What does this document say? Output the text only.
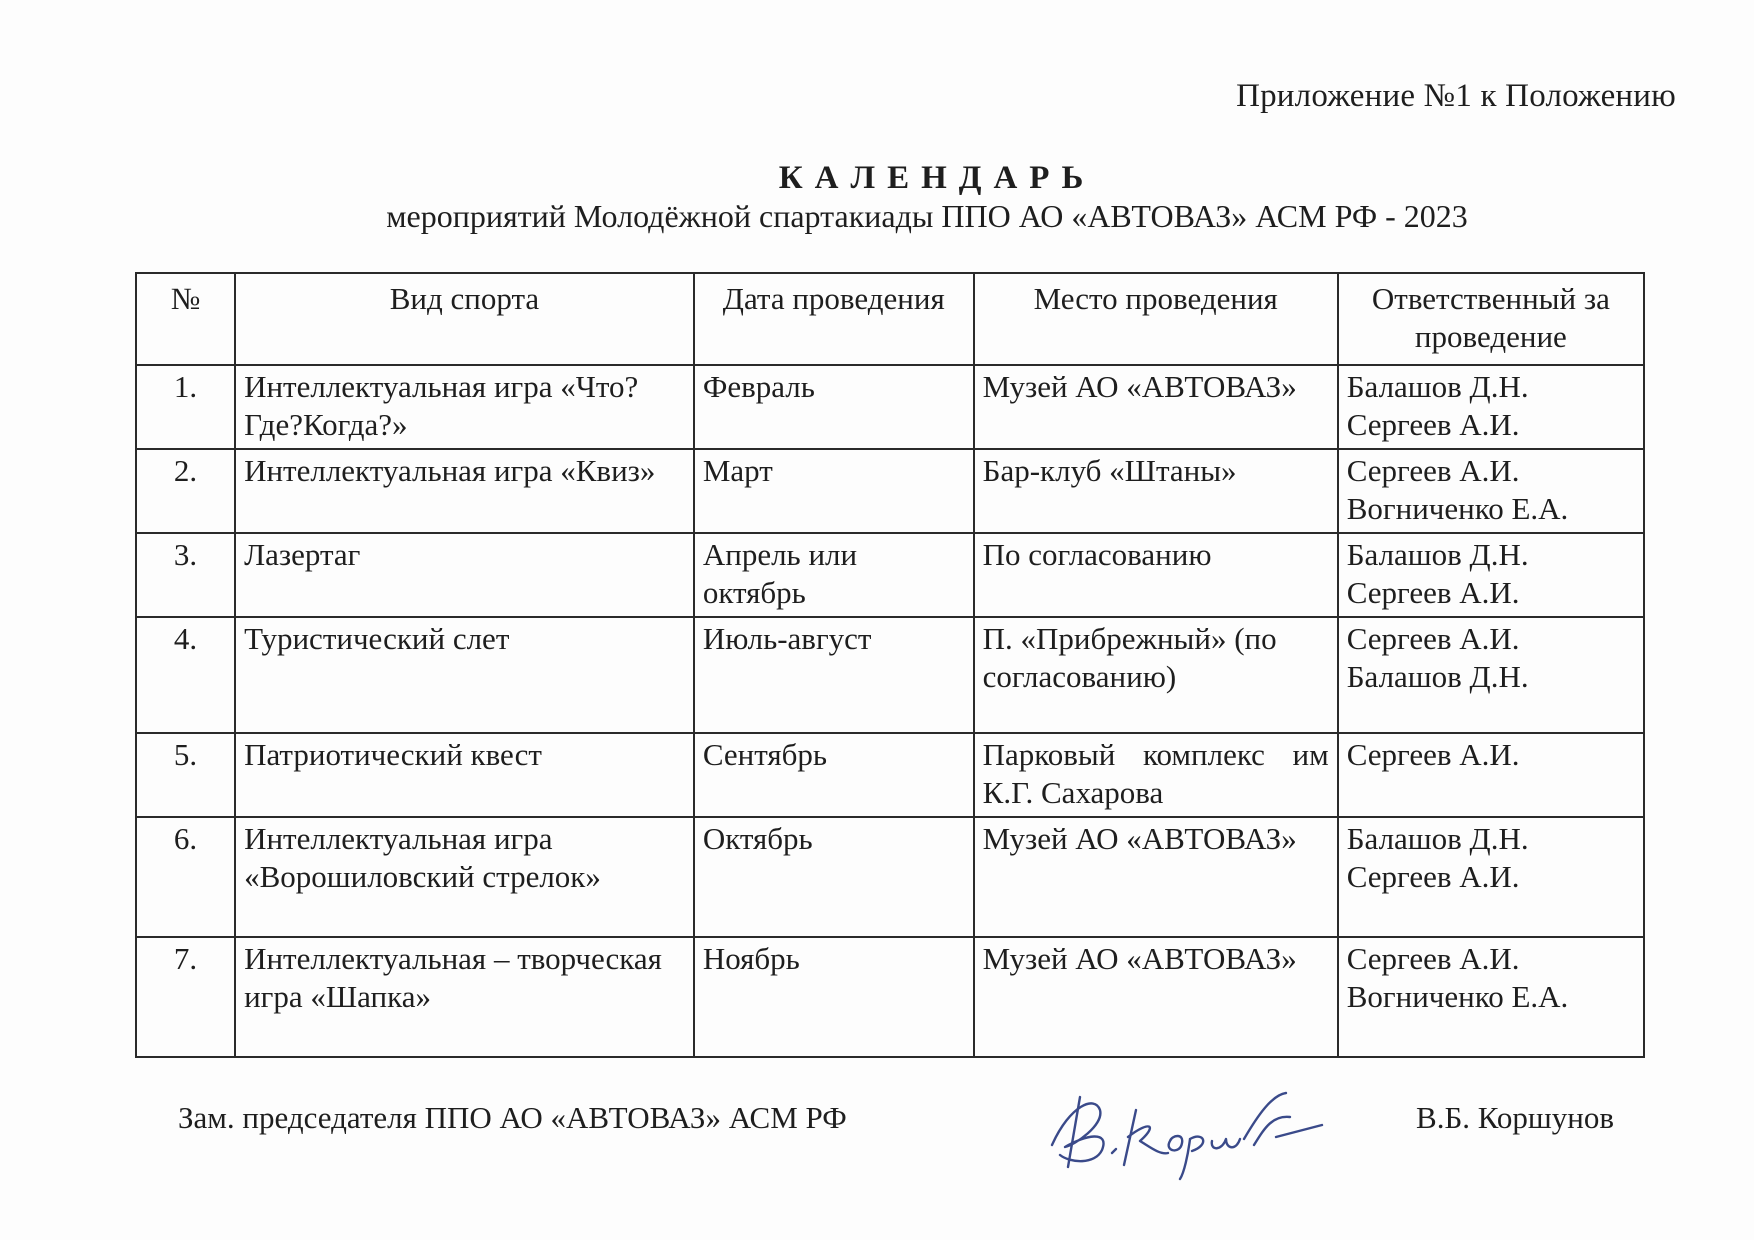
Приложение №1 к Положению
КАЛЕНДАРЬ
мероприятий Молодёжной спартакиады ППО АО «АВТОВАЗ» АСМ РФ - 2023
№	Вид спорта	Дата проведения	Место проведения	Ответственный за проведение
1.	Интеллектуальная игра «Что?Где?Когда?»	Февраль	Музей АО «АВТОВАЗ»	Балашов Д.Н.
Сергеев А.И.

2.	Интеллектуальная игра «Квиз»	Март	Бар-клуб «Штаны»	Сергеев А.И.
Вогниченко Е.А.

3.	Лазертаг	Апрель или октябрь	По согласованию	Балашов Д.Н.
Сергеев А.И.

4.	Туристический слет	Июль-август	П. «Прибрежный» (по согласованию)	Сергеев А.И.
Балашов Д.Н.

5.	Патриотический квест	Сентябрь	Парковый комплекс им К.Г. Сахарова	Сергеев А.И.

6.	Интеллектуальная игра «Ворошиловский стрелок»	Октябрь	Музей АО «АВТОВАЗ»	Балашов Д.Н.
Сергеев А.И.

7.	Интеллектуальная – творческая игра «Шапка»	Ноябрь	Музей АО «АВТОВАЗ»	Сергеев А.И.
Вогниченко Е.А.
Зам. председателя ППО АО «АВТОВАЗ» АСМ РФ	В.Б. Коршунов
